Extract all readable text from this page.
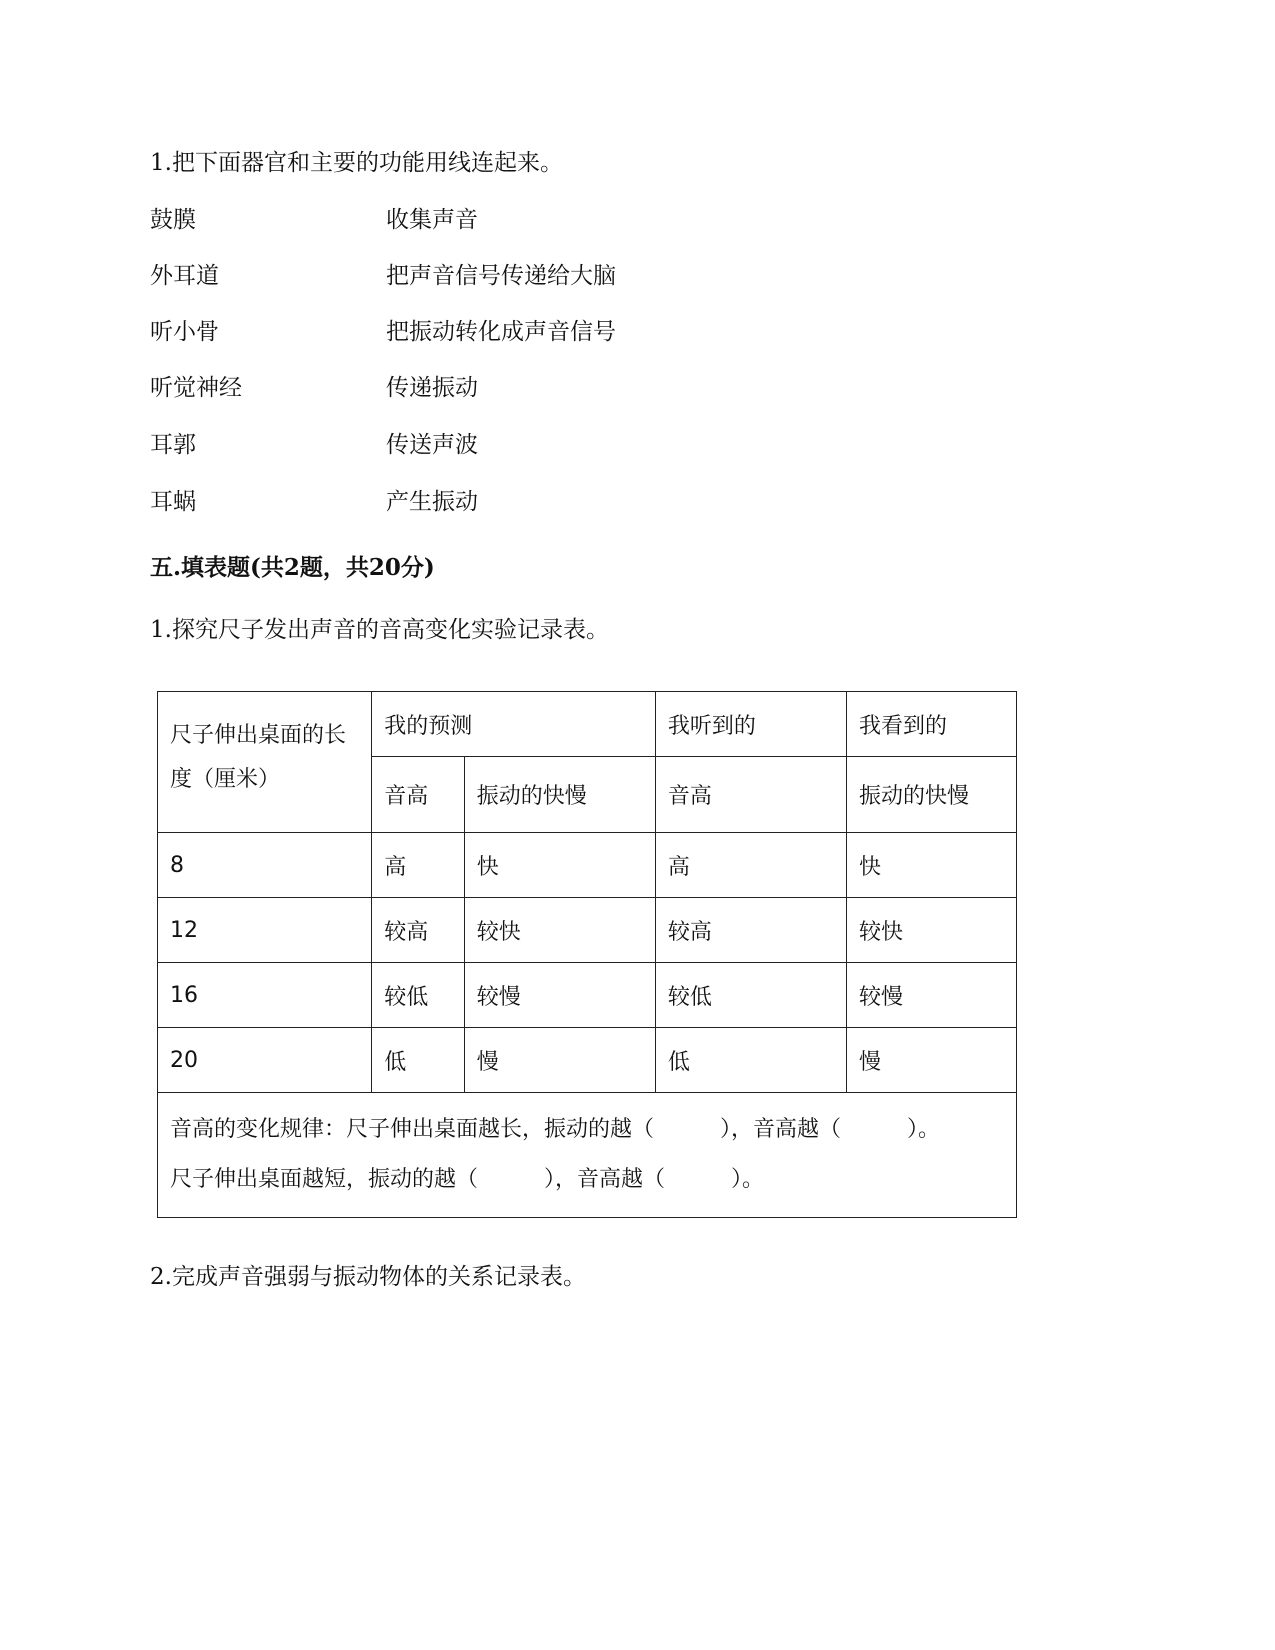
1.把下面器官和主要的功能用线连起来。
鼓膜	收集声音
外耳道	把声音信号传递给大脑
听小骨	把振动转化成声音信号
听觉神经	传递振动
耳郭	传送声波
耳蜗	产生振动
五.填表题(共2题，共20分)
1.探究尺子发出声音的音高变化实验记录表。
尺子伸出桌面的长度（厘米）	我的预测		我听到的	我看到的
	音高	振动的快慢	音高	振动的快慢
8	高	快	高	快
12	较高	较快	较高	较快
16	较低	较慢	较低	较慢
20	低	慢	低	慢

音高的变化规律：尺子伸出桌面越长，振动的越（　　　），音高越（　　　）。
尺子伸出桌面越短，振动的越（　　　），音高越（　　　）。				
2.完成声音强弱与振动物体的关系记录表。
